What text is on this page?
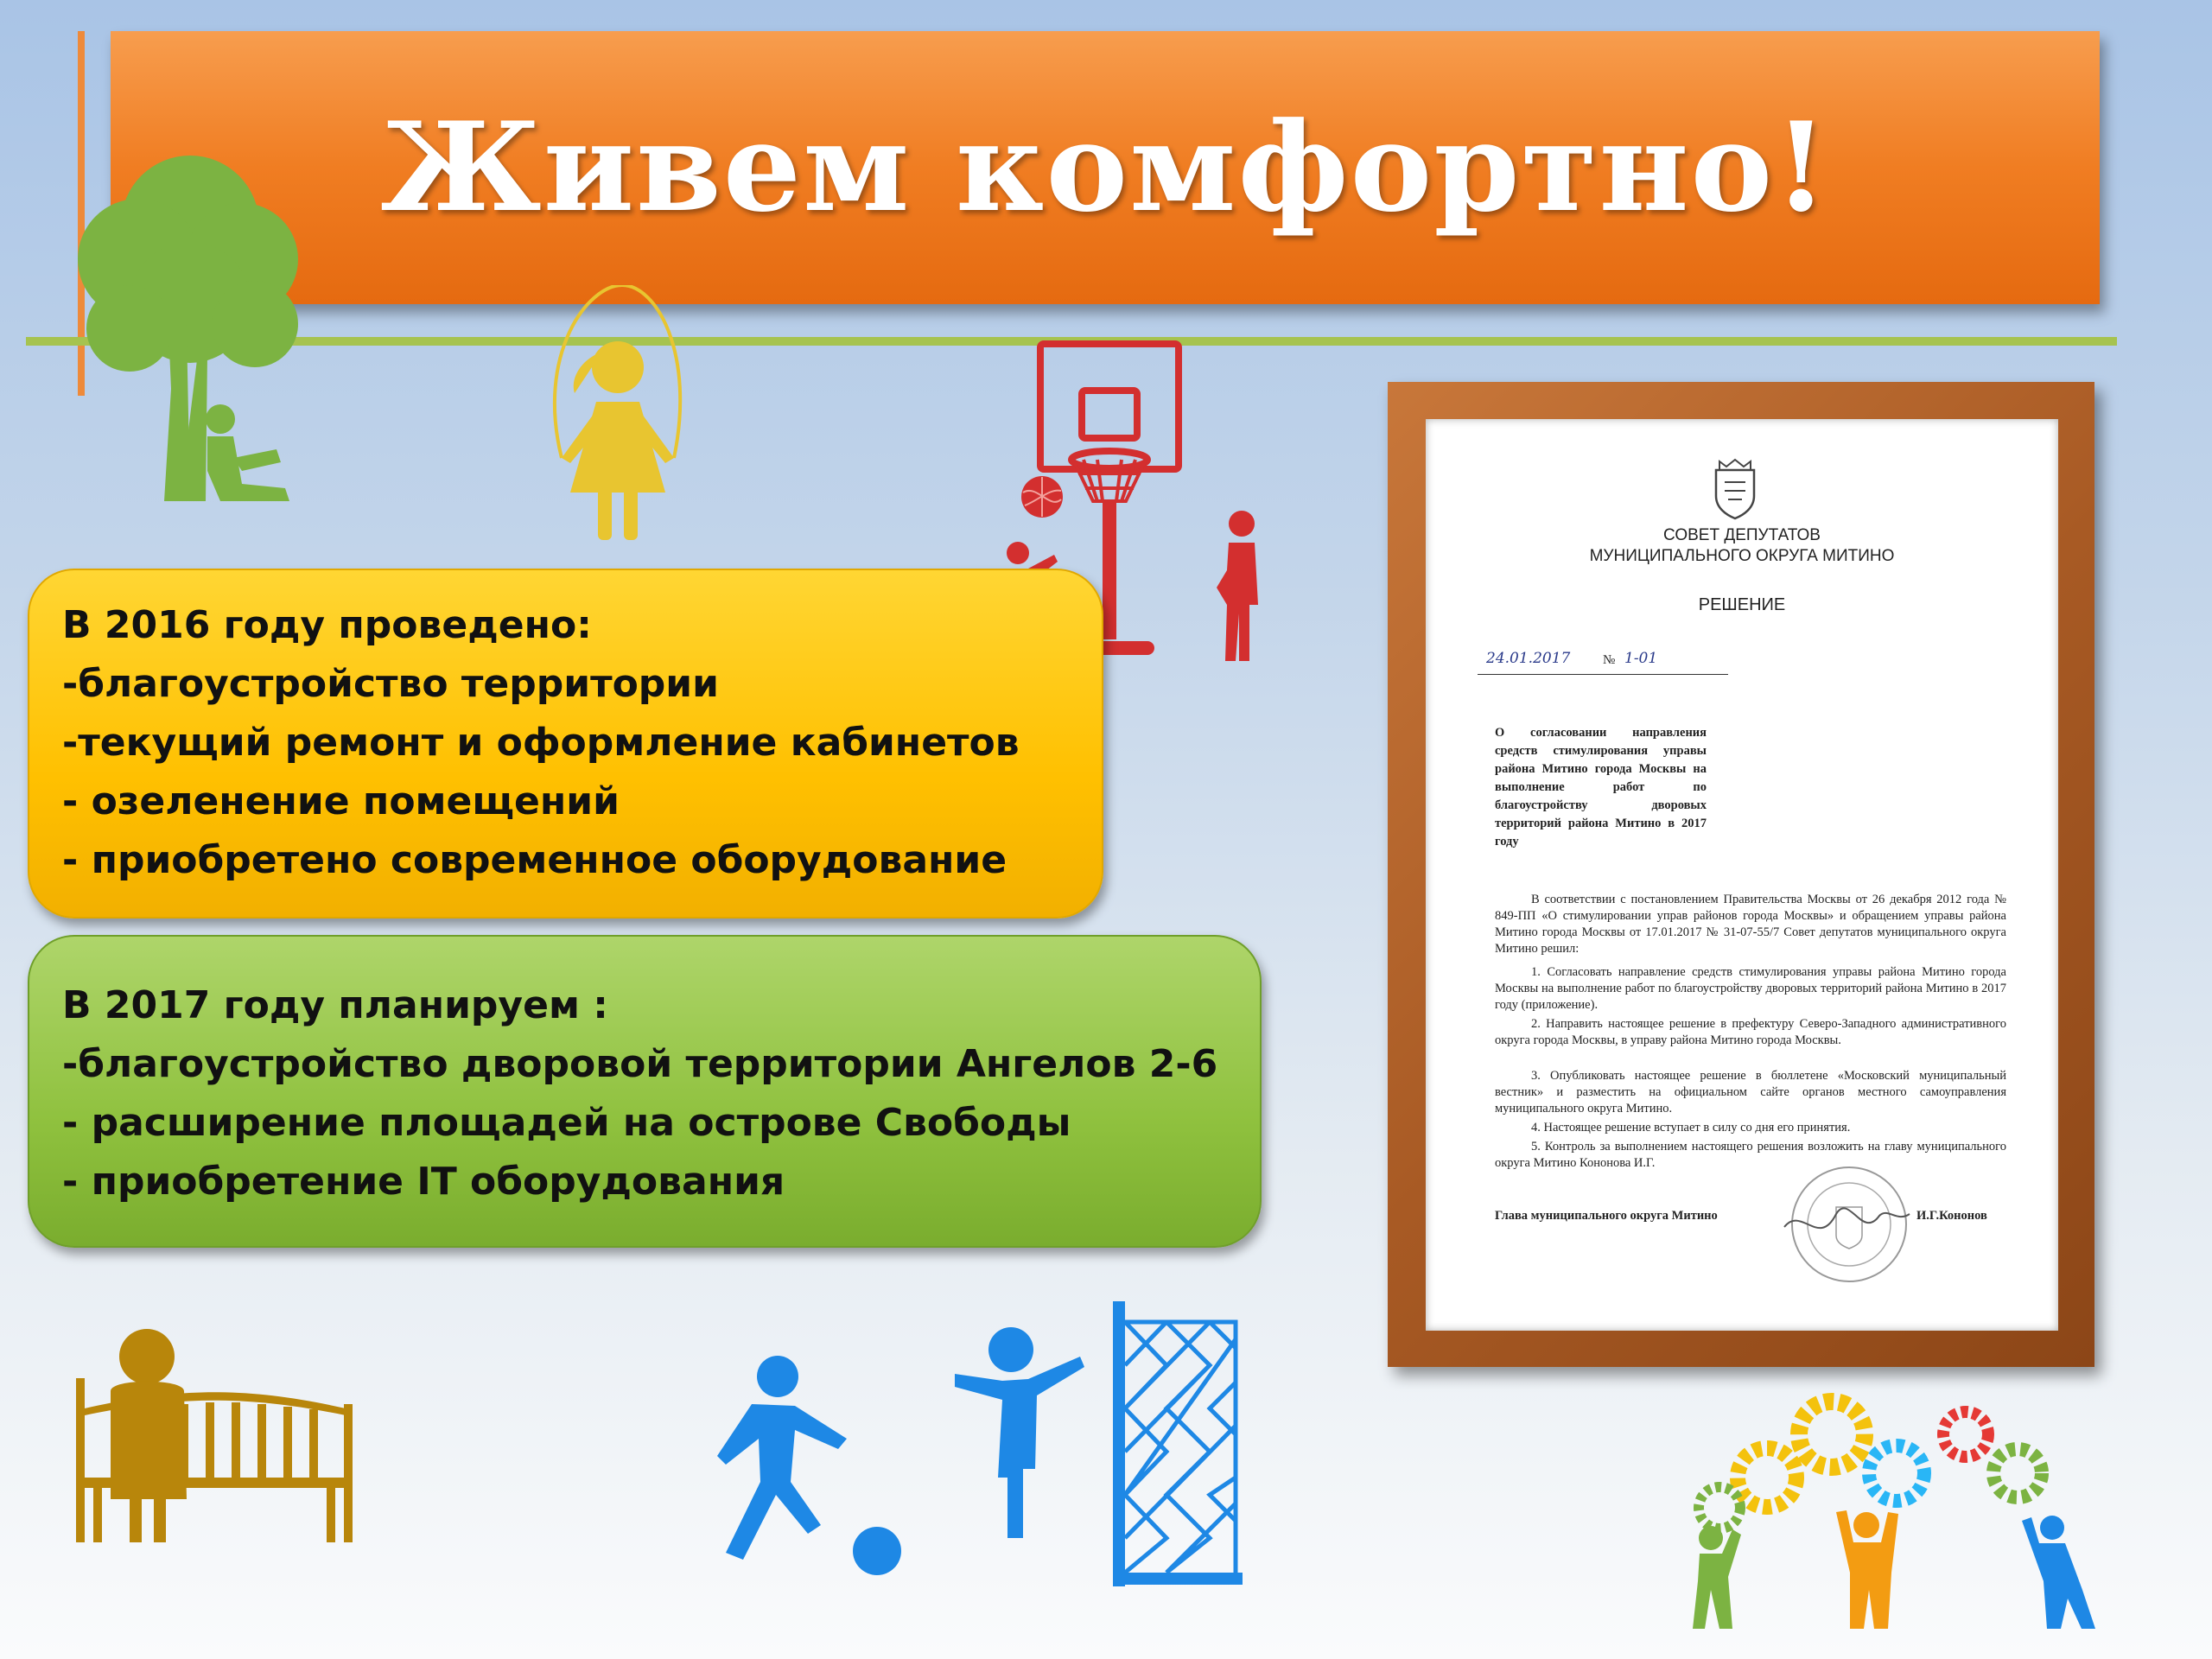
Живем комфортно!
В 2016 году проведено:
-благоустройство территории
-текущий ремонт и оформление кабинетов
- озеленение помещений
- приобретено современное оборудование
В 2017 году планируем :
-благоустройство дворовой территории Ангелов 2-6
- расширение площадей на острове Свободы
- приобретение IT оборудования
СОВЕТ ДЕПУТАТОВ
МУНИЦИПАЛЬНОГО ОКРУГА МИТИНО
РЕШЕНИЕ
24.01.2017	№ 1-01
О согласовании направления средств стимулирования управы района Митино города Москвы на выполнение работ по благоустройству дворовых территорий района Митино в 2017 году
В соответствии с постановлением Правительства Москвы от 26 декабря 2012 года № 849-ПП «О стимулировании управ районов города Москвы» и обращением управы района Митино города Москвы от 17.01.2017 № 31-07-55/7 Совет депутатов муниципального округа Митино решил:
1. Согласовать направление средств стимулирования управы района Митино города Москвы на выполнение работ по благоустройству дворовых территорий района Митино в 2017 году (приложение).
2. Направить настоящее решение в префектуру Северо-Западного административного округа города Москвы, в управу района Митино города Москвы.
3. Опубликовать настоящее решение в бюллетене «Московский муниципальный вестник» и разместить на официальном сайте органов местного самоуправления муниципального округа Митино.
4. Настоящее решение вступает в силу со дня его принятия.
5. Контроль за выполнением настоящего решения возложить на главу муниципального округа Митино Кононова И.Г.
Глава муниципального округа Митино	И.Г.Кононов
